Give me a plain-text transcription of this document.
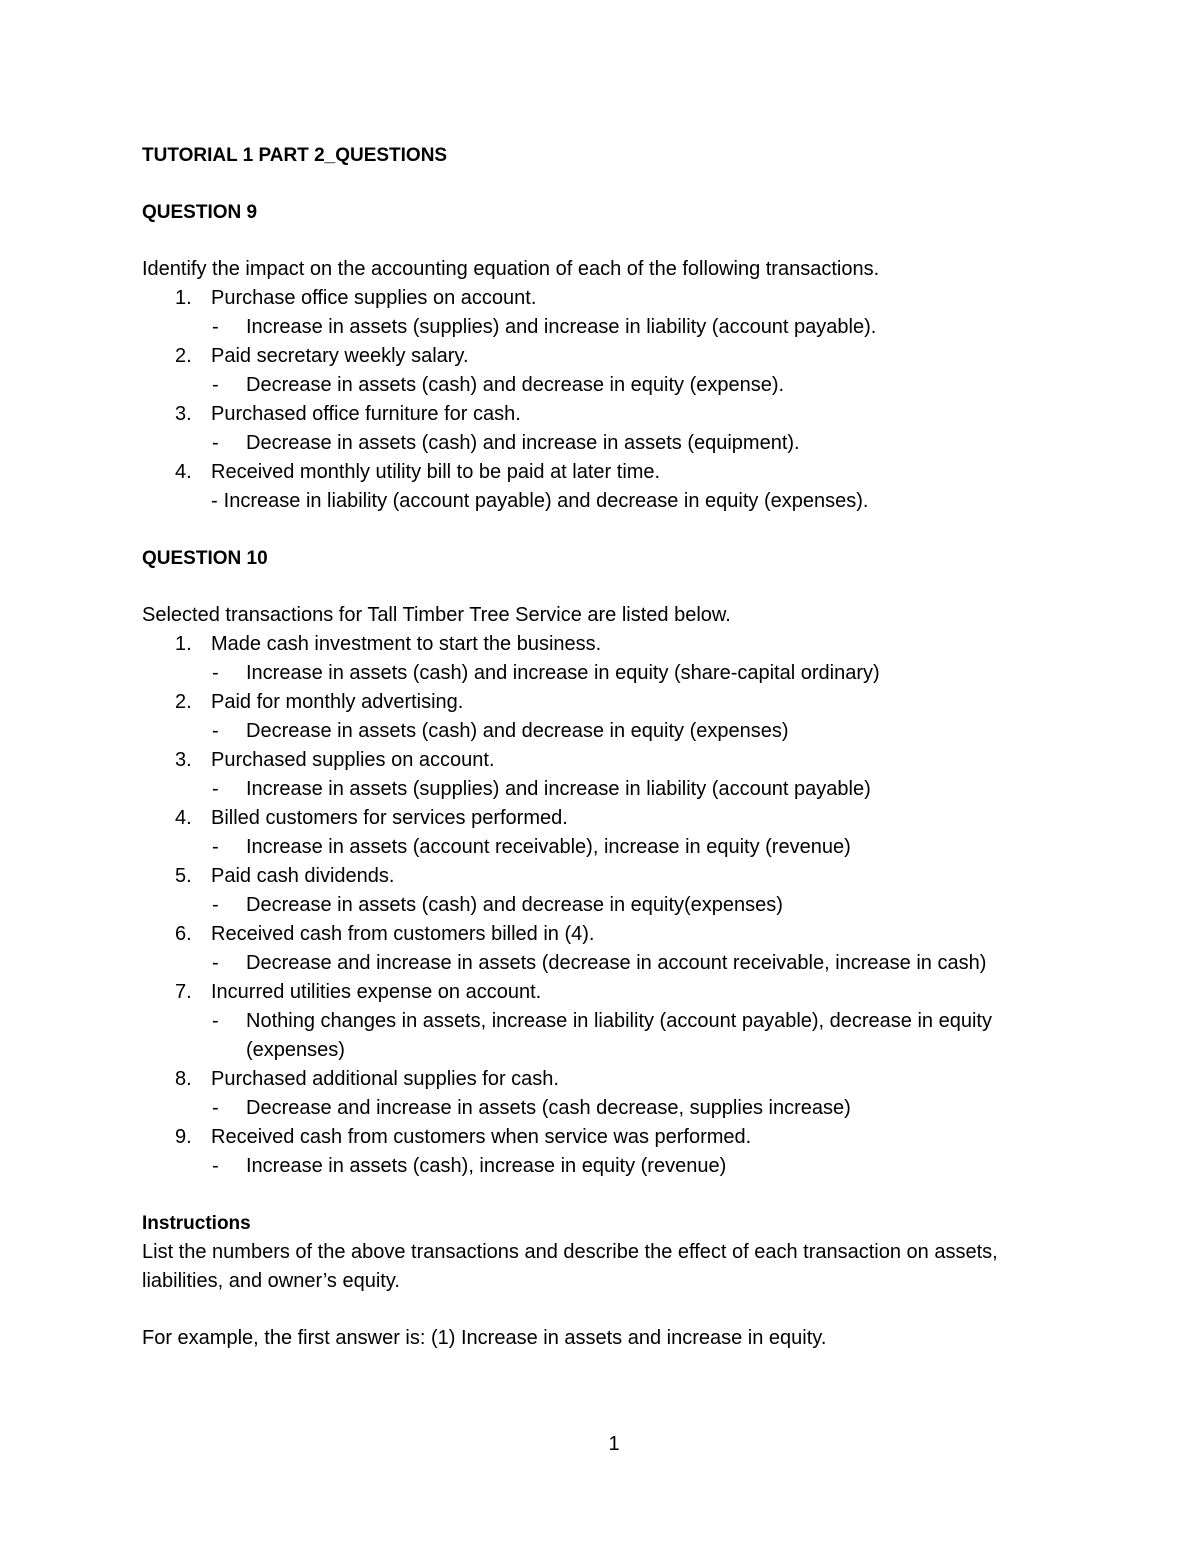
TUTORIAL 1 PART 2_QUESTIONS

QUESTION 9

Identify the impact on the accounting equation of each of the following transactions.

1. Purchase office supplies on account.
- Increase in assets (supplies) and increase in liability (account payable).
2. Paid secretary weekly salary.
- Decrease in assets (cash) and decrease in equity (expense).
3. Purchased office furniture for cash.
- Decrease in assets (cash) and increase in assets (equipment).
4. Received monthly utility bill to be paid at later time.
- Increase in liability (account payable) and decrease in equity (expenses).

QUESTION 10

Selected transactions for Tall Timber Tree Service are listed below.

1. Made cash investment to start the business.
- Increase in assets (cash) and increase in equity (share-capital ordinary)
2. Paid for monthly advertising.
- Decrease in assets (cash) and decrease in equity (expenses)
3. Purchased supplies on account.
- Increase in assets (supplies) and increase in liability (account payable)
4. Billed customers for services performed.
- Increase in assets (account receivable), increase in equity (revenue)
5. Paid cash dividends.
- Decrease in assets (cash) and decrease in equity(expenses)
6. Received cash from customers billed in (4).
- Decrease and increase in assets (decrease in account receivable, increase in cash)
7. Incurred utilities expense on account.
- Nothing changes in assets, increase in liability (account payable), decrease in equity (expenses)
8. Purchased additional supplies for cash.
- Decrease and increase in assets (cash decrease, supplies increase)
9. Received cash from customers when service was performed.
- Increase in assets (cash), increase in equity (revenue)

Instructions

List the numbers of the above transactions and describe the effect of each transaction on assets, liabilities, and owner’s equity.

For example, the first answer is: (1) Increase in assets and increase in equity.

1
